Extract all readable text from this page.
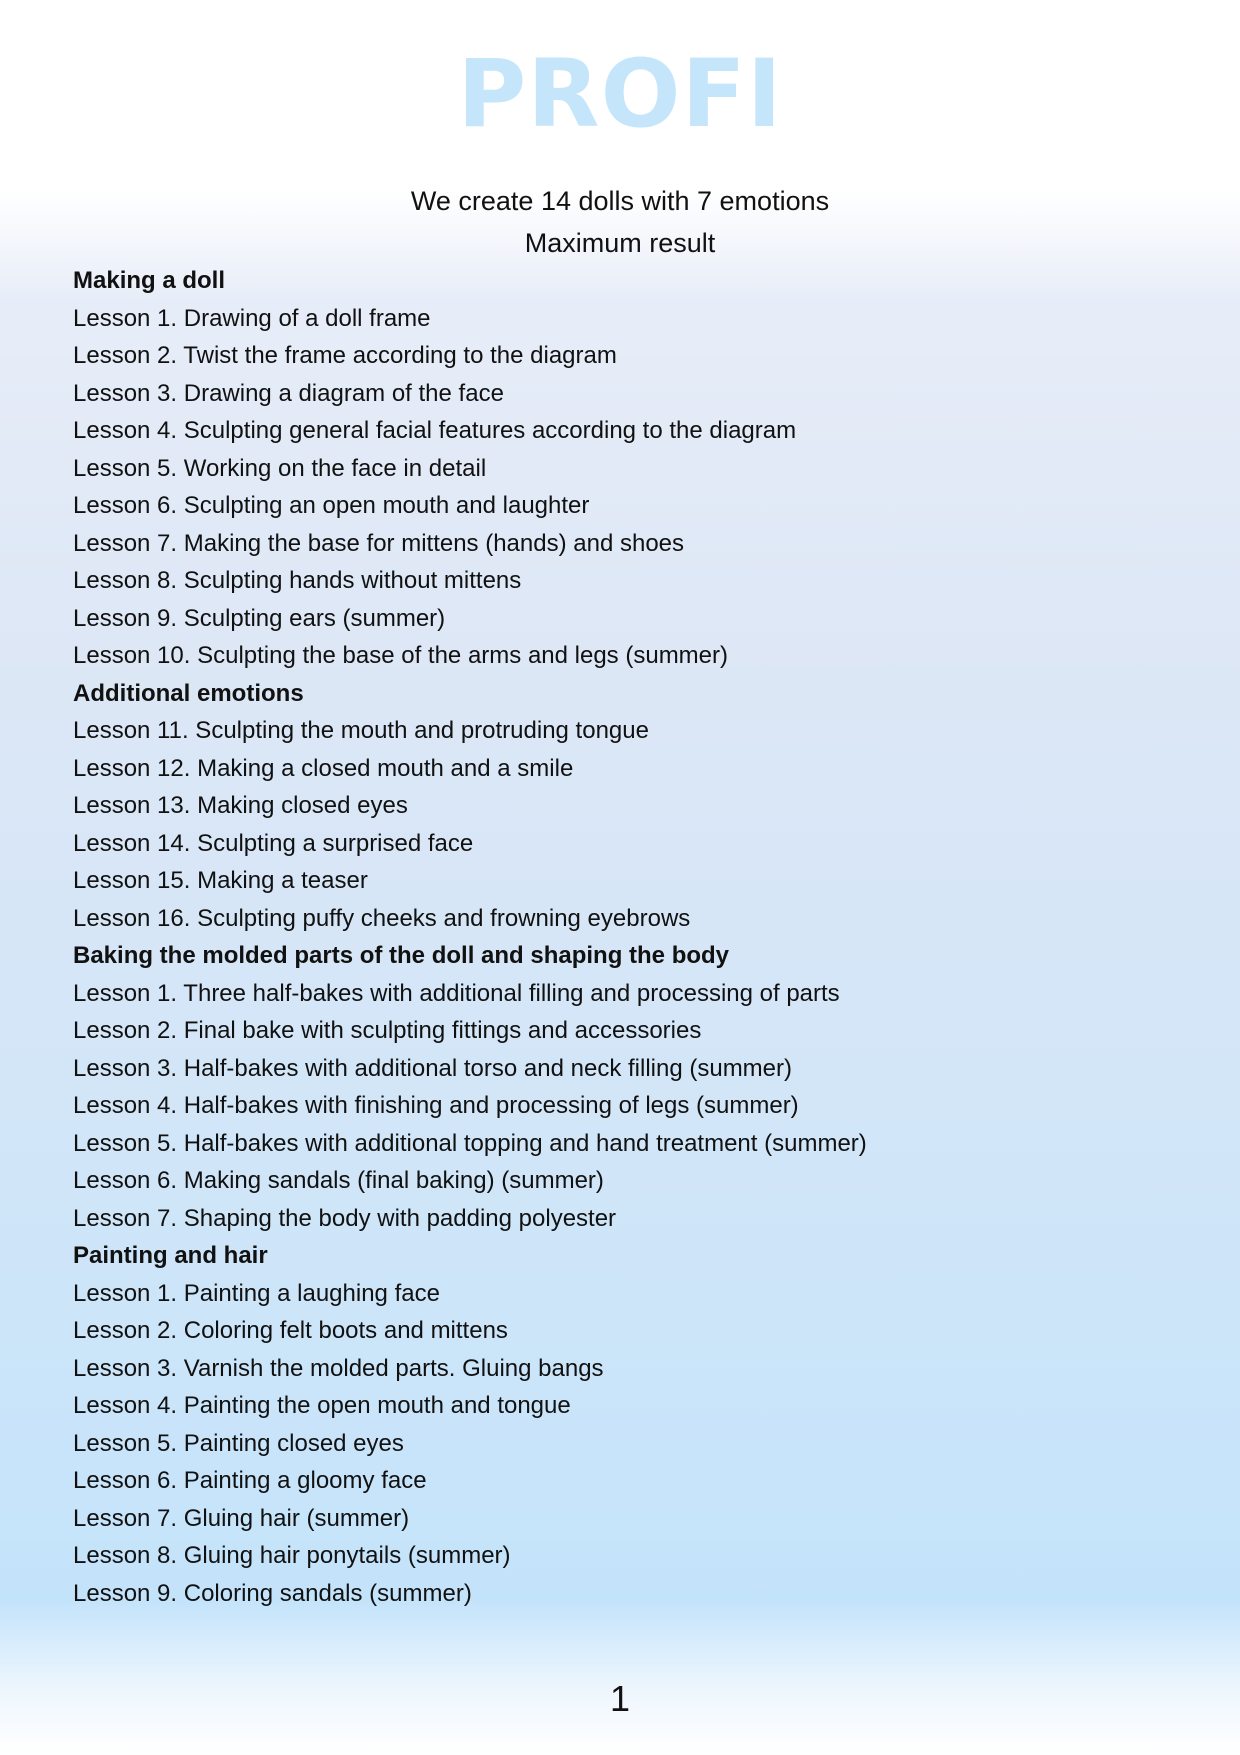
PROFI
We create 14 dolls with 7 emotions
Maximum result
Making a doll
Lesson 1. Drawing of a doll frame
Lesson 2. Twist the frame according to the diagram
Lesson 3. Drawing a diagram of the face
Lesson 4. Sculpting general facial features according to the diagram
Lesson 5. Working on the face in detail
Lesson 6. Sculpting an open mouth and laughter
Lesson 7. Making the base for mittens (hands) and shoes
Lesson 8. Sculpting hands without mittens
Lesson 9. Sculpting ears (summer)
Lesson 10. Sculpting the base of the arms and legs (summer)
Additional emotions
Lesson 11. Sculpting the mouth and protruding tongue
Lesson 12. Making a closed mouth and a smile
Lesson 13. Making closed eyes
Lesson 14. Sculpting a surprised face
Lesson 15. Making a teaser
Lesson 16. Sculpting puffy cheeks and frowning eyebrows
Baking the molded parts of the doll and shaping the body
Lesson 1. Three half-bakes with additional filling and processing of parts
Lesson 2. Final bake with sculpting fittings and accessories
Lesson 3. Half-bakes with additional torso and neck filling (summer)
Lesson 4. Half-bakes with finishing and processing of legs (summer)
Lesson 5. Half-bakes with additional topping and hand treatment (summer)
Lesson 6. Making sandals (final baking) (summer)
Lesson 7. Shaping the body with padding polyester
Painting and hair
Lesson 1. Painting a laughing face
Lesson 2. Coloring felt boots and mittens
Lesson 3. Varnish the molded parts. Gluing bangs
Lesson 4. Painting the open mouth and tongue
Lesson 5. Painting closed eyes
Lesson 6. Painting a gloomy face
Lesson 7. Gluing hair (summer)
Lesson 8. Gluing hair ponytails (summer)
Lesson 9. Coloring sandals (summer)
1
